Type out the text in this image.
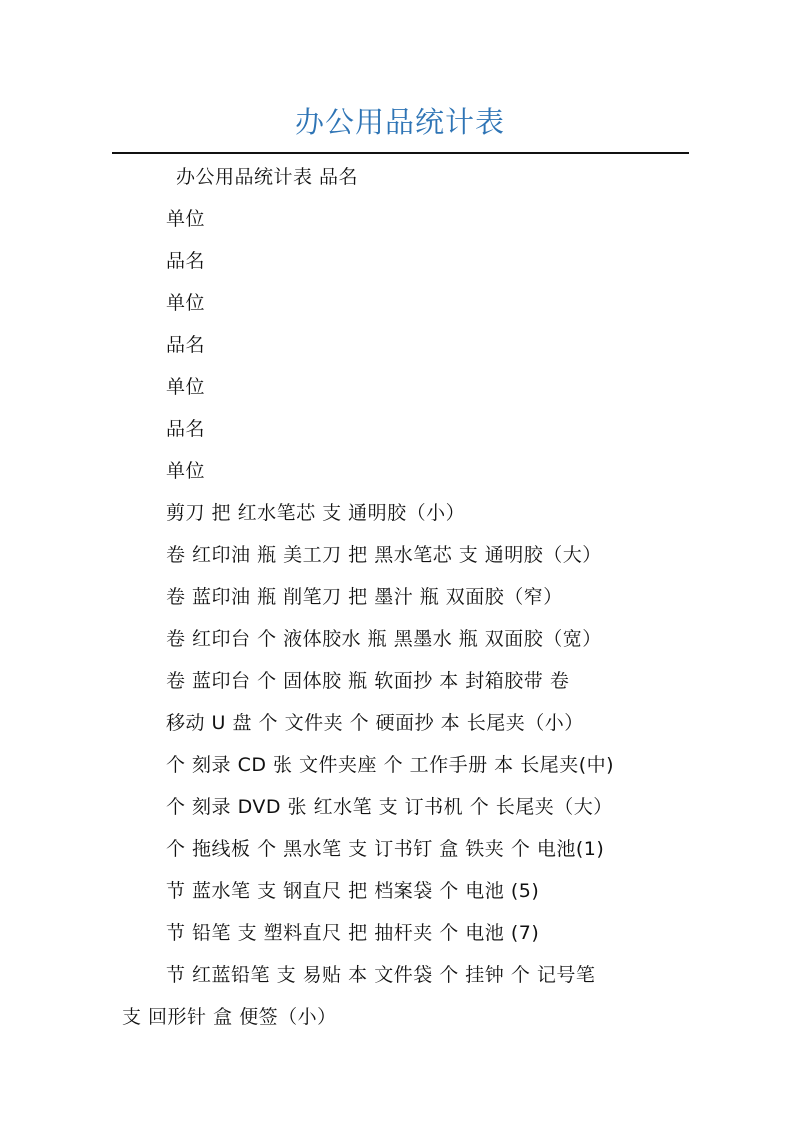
办公用品统计表
办公用品统计表 品名
单位
品名
单位
品名
单位
品名
单位
剪刀 把 红水笔芯 支 通明胶（小）
卷 红印油 瓶 美工刀 把 黑水笔芯 支 通明胶（大）
卷 蓝印油 瓶 削笔刀 把 墨汁 瓶 双面胶（窄）
卷 红印台 个 液体胶水 瓶 黑墨水 瓶 双面胶（宽）
卷 蓝印台 个 固体胶 瓶 软面抄 本 封箱胶带 卷
移动 U 盘 个 文件夹 个 硬面抄 本 长尾夹（小）
个 刻录 CD 张 文件夹座 个 工作手册 本 长尾夹(中)
个 刻录 DVD 张 红水笔 支 订书机 个 长尾夹（大）
个 拖线板 个 黑水笔 支 订书钉 盒 铁夹 个 电池(1)
节 蓝水笔 支 钢直尺 把 档案袋 个 电池 (5)
节 铅笔 支 塑料直尺 把 抽杆夹 个 电池 (7)
节 红蓝铅笔 支 易贴 本 文件袋 个 挂钟 个 记号笔
支 回形针 盒 便签（小）
